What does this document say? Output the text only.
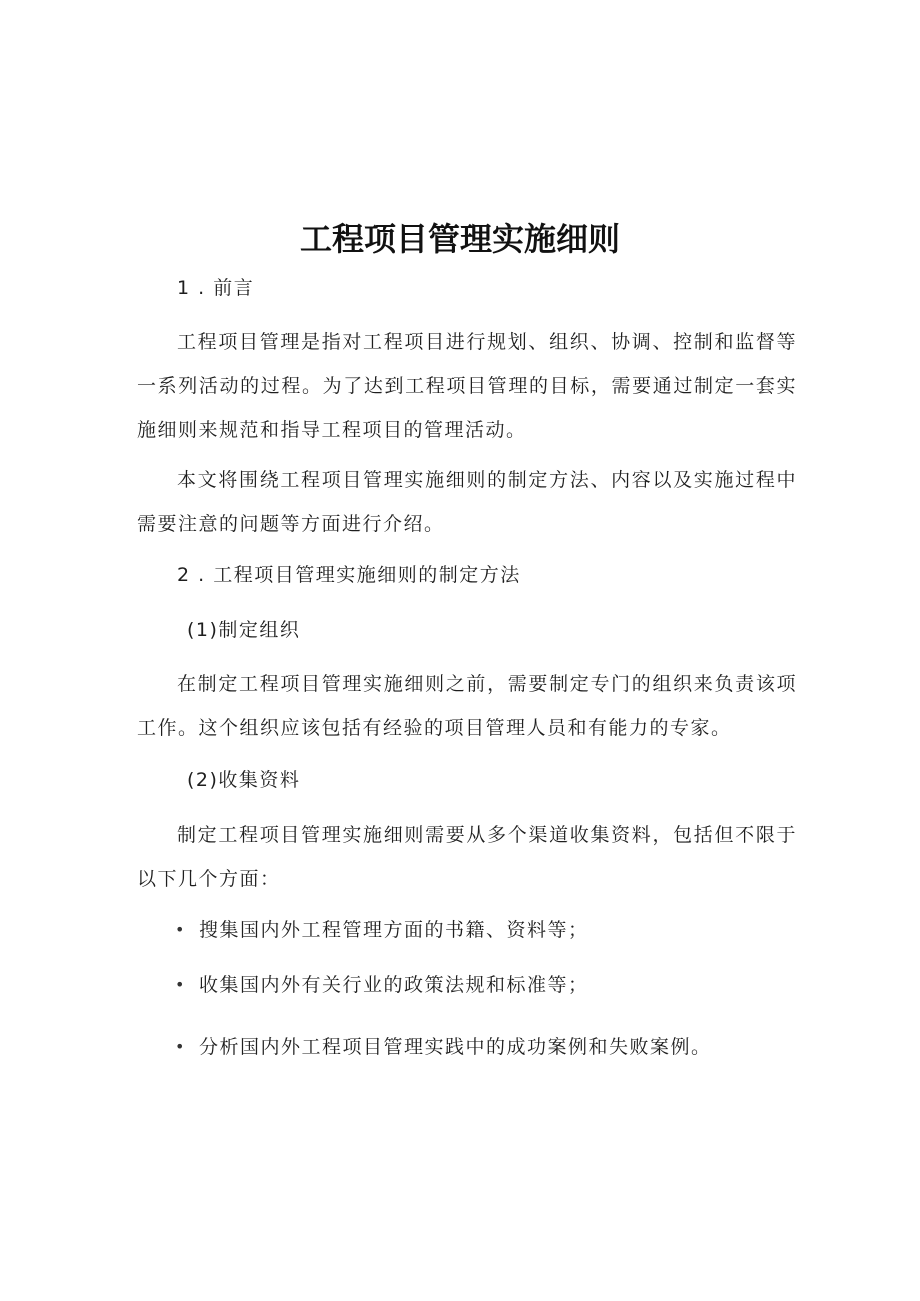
工程项目管理实施细则
1 . 前言
工程项目管理是指对工程项目进行规划、组织、协调、控制和监督等一系列活动的过程。为了达到工程项目管理的目标，需要通过制定一套实施细则来规范和指导工程项目的管理活动。
本文将围绕工程项目管理实施细则的制定方法、内容以及实施过程中需要注意的问题等方面进行介绍。
2 . 工程项目管理实施细则的制定方法
(1)制定组织
在制定工程项目管理实施细则之前，需要制定专门的组织来负责该项工作。这个组织应该包括有经验的项目管理人员和有能力的专家。
(2)收集资料
制定工程项目管理实施细则需要从多个渠道收集资料，包括但不限于以下几个方面：
• 搜集国内外工程管理方面的书籍、资料等；
• 收集国内外有关行业的政策法规和标准等；
• 分析国内外工程项目管理实践中的成功案例和失败案例。
